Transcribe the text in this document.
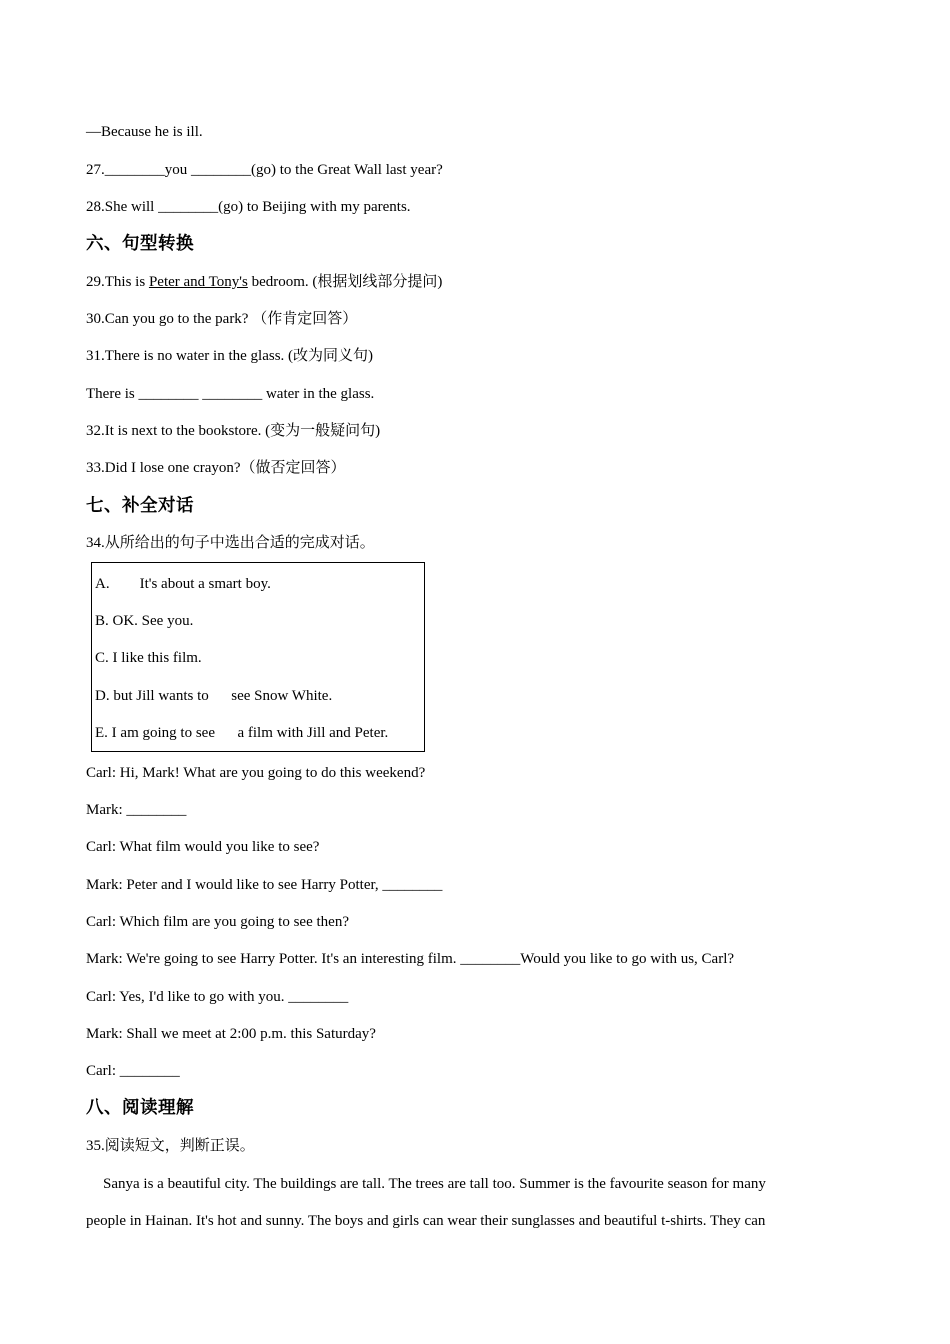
—Because he is ill.
27.________you ________(go) to the Great Wall last year?
28.She will ________(go) to Beijing with my parents.
六、句型转换
29.This is Peter and Tony's bedroom. (根据划线部分提问)
30.Can you go to the park? （作肯定回答）
31.There is no water in the glass. (改为同义句)
There is ________ ________ water in the glass.
32.It is next to the bookstore. (变为一般疑问句)
33.Did I lose one crayon?（做否定回答）
七、补全对话
34.从所给出的句子中选出合适的完成对话。
A.        It's about a smart boy.
B. OK. See you.
C. I like this film.
D. but Jill wants to      see Snow White.
E. I am going to see      a film with Jill and Peter.
Carl: Hi, Mark! What are you going to do this weekend?
Mark: ________
Carl: What film would you like to see?
Mark: Peter and I would like to see Harry Potter, ________
Carl: Which film are you going to see then?
Mark: We're going to see Harry Potter. It's an interesting film. ________Would you like to go with us, Carl?
Carl: Yes, I'd like to go with you. ________
Mark: Shall we meet at 2:00 p.m. this Saturday?
Carl: ________
八、阅读理解
35.阅读短文，判断正误。
Sanya is a beautiful city. The buildings are tall. The trees are tall too. Summer is the favourite season for many
people in Hainan. It's hot and sunny. The boys and girls can wear their sunglasses and beautiful t-shirts. They can
